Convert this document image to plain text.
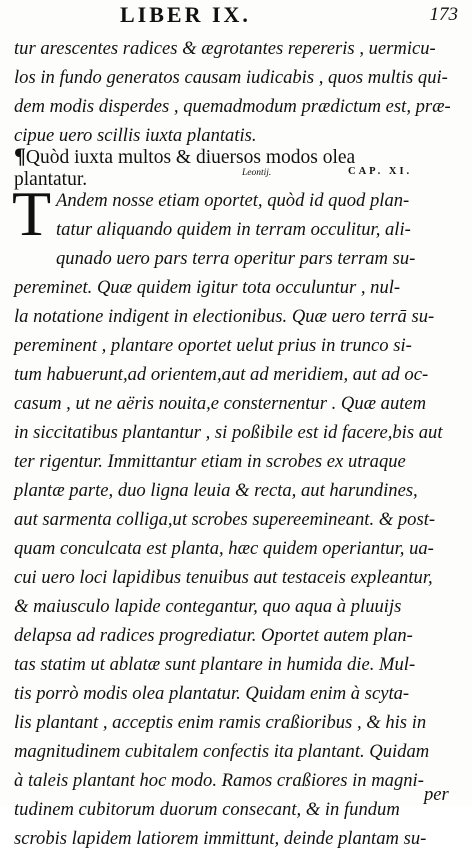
LIBER IX.	173
tur arescentes radices & ægrotantes repereris , uermicu-
los in fundo generatos causam iudicabis , quos multis qui-
dem modis disperdes , quemadmodum prædictum est, præ-
cipue uero scillis iuxta plantatis.
¶Quòd iuxta multos & diuersos modos olea
plantatur.	Leontij.	CAP. XI.
T Andem nosse etiam oportet, quòd id quod plan-
tatur aliquando quidem in terram occulitur, ali-
qunado uero pars terra operitur pars terram su-
pereminet. Quæ quidem igitur tota occuluntur , nul-
la notatione indigent in electionibus. Quæ uero terrā su-
pereminent , plantare oportet uelut prius in trunco si-
tum habuerunt,ad orientem,aut ad meridiem, aut ad oc-
casum , ut ne aëris nouita,e consternentur . Quæ autem
in siccitatibus plantantur , si poßibile est id facere,bis aut
ter rigentur. Immittantur etiam in scrobes ex utraque
plantæ parte, duo ligna leuia & recta, aut harundines,
aut sarmenta colliga,ut scrobes supereemineant. & post-
quam conculcata est planta, hæc quidem operiantur, ua-
cui uero loci lapidibus tenuibus aut testaceis expleantur,
& maiusculo lapide contegantur, quo aqua à pluuijs
delapsa ad radices progrediatur. Oportet autem plan-
tas statim ut ablatæ sunt plantare in humida die. Mul-
tis porrò modis olea plantatur. Quidam enim à scyta-
lis plantant , acceptis enim ramis craßioribus , & his in
magnitudinem cubitalem confectis ita plantant. Quidam
à taleis plantant hoc modo. Ramos craßiores in magni-
tudinem cubitorum duorum consecant, & in fundum
scrobis lapidem latiorem immittunt, deinde plantam su-
per
